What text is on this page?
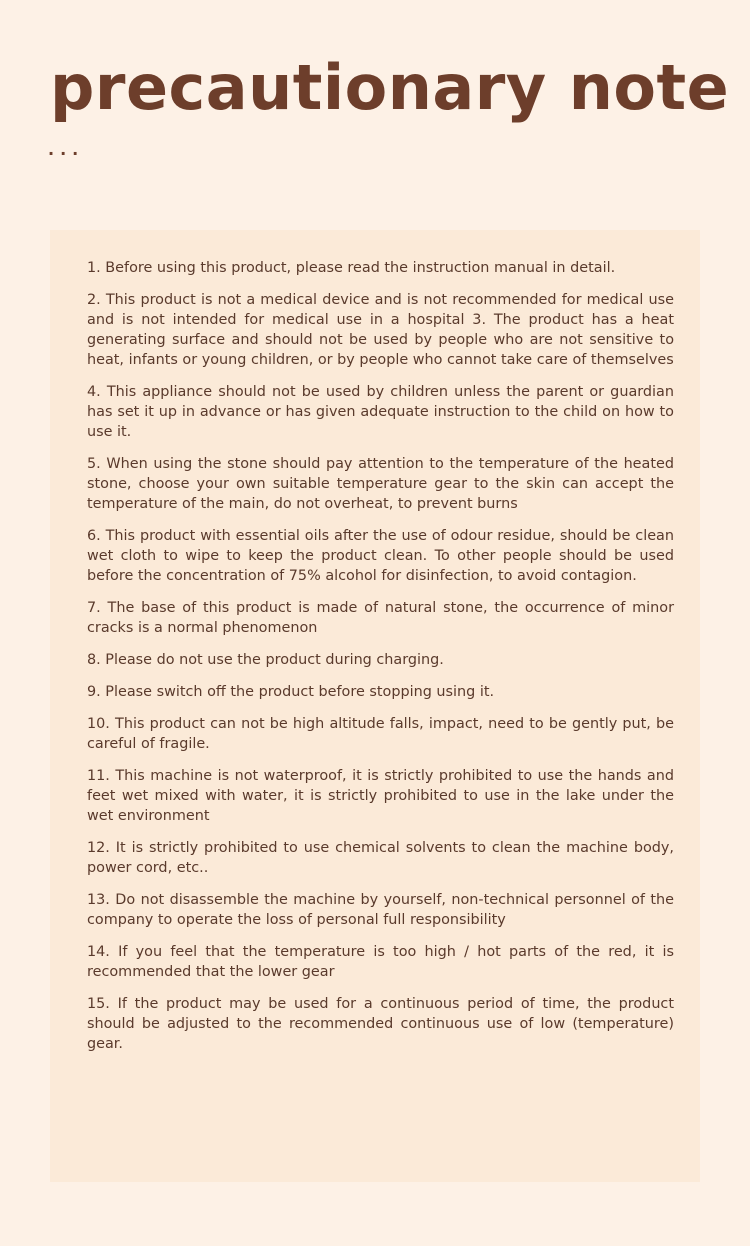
precautionary note
...
1. Before using this product, please read the instruction manual in detail.
2. This product is not a medical device and is not recommended for medical use and is not intended for medical use in a hospital 3. The product has a heat generating surface and should not be used by people who are not sensitive to heat, infants or young children, or by people who cannot take care of themselves
4. This appliance should not be used by children unless the parent or guardian has set it up in advance or has given adequate instruction to the child on how to use it.
5. When using the stone should pay attention to the temperature of the heated stone, choose your own suitable temperature gear to the skin can accept the temperature of the main, do not overheat, to prevent burns
6. This product with essential oils after the use of odour residue, should be clean wet cloth to wipe to keep the product clean. To other people should be used before the concentration of 75% alcohol for disinfection, to avoid contagion.
7. The base of this product is made of natural stone, the occurrence of minor cracks is a normal phenomenon
8. Please do not use the product during charging.
9. Please switch off the product before stopping using it.
10. This product can not be high altitude falls, impact, need to be gently put, be careful of fragile.
11. This machine is not waterproof, it is strictly prohibited to use the hands and feet wet mixed with water, it is strictly prohibited to use in the lake under the wet environment
12. It is strictly prohibited to use chemical solvents to clean the machine body, power cord, etc..
13. Do not disassemble the machine by yourself, non-technical personnel of the company to operate the loss of personal full responsibility
14. If you feel that the temperature is too high / hot parts of the red, it is recommended that the lower gear
15. If the product may be used for a continuous period of time, the product should be adjusted to the recommended continuous use of low (temperature) gear.
